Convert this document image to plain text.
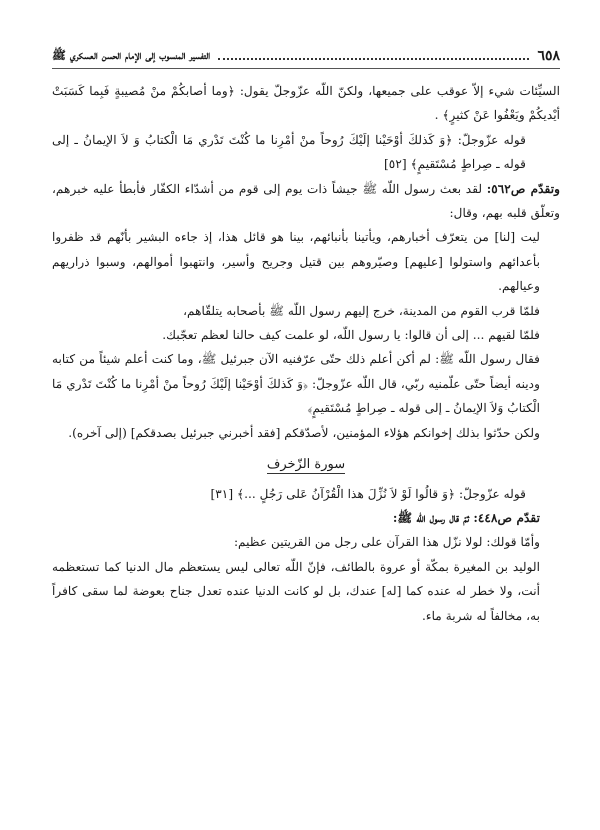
٦٥٨
التفسير المنسوب إلى الإمام الحسن العسكري ﷺ

السيِّئات شيء إلاّ عوقب على جميعها، ولكنّ اللّه عزّوجلّ يقول: ﴿وما أصابكُمْ منْ مُصيبةٍ فَبِما كَسَبَتْ أيْديكُمْ ويَعْفُوا عَنْ كثيرٍ﴾ .

قوله عزّوجلّ: ﴿وَ كَذلكَ أوْحَيْنا إلَيْكَ رُوحاً منْ أمْرِنا ما كُنْتَ تَدْري مَا الْكتابُ وَ لاَ الإيمانُ ـ إلى قوله ـ صِراطٍ مُسْتَقيمٍ﴾ [٥٢]

وتقدّم ص٥٦٢: لقد بعث رسول اللّه ﷺ جيشاً ذات يوم إلى قوم من أشدّاء الكفّار فأبطأ عليه خبرهم، وتعلّق قلبه بهم، وقال:

ليت [لنا] من يتعرّف أخبارهم، ويأتينا بأنبائهم، بينا هو قائل هذا، إذ جاءه البشير بأنّهم قد ظفروا بأعدائهم واستولوا [عليهم] وصيّروهم بين قتيل وجريح وأسير، وانتهبوا أموالهم، وسبوا ذراريهم وعيالهم.

فلمّا قرب القوم من المدينة، خرج إليهم رسول اللّه ﷺ بأصحابه يتلقّاهم،

فلمّا لقيهم ... إلى أن قالوا: يا رسول اللّه، لو علمت كيف حالنا لعظم تعجّبك.

فقال رسول اللّه ﷺ: لم أكن أعلم ذلك حتّى عرّفنيه الآن جبرئيل ﷺ، وما كنت أعلم شيئاً من كتابه ودينه أيضاً حتّى علّمنيه ربّي، قال اللّه عزّوجلّ: ﴿وَ كَذلكَ أوْحَيْنا إلَيْكَ رُوحاً منْ أمْرِنا ما كُنْتَ تَدْري مَا الْكتابُ وَلاَ الإيمانُ ـ إلى قوله ـ صِراطٍ مُسْتَقيمٍ﴾

ولكن حدّثوا بذلك إخوانكم هؤلاء المؤمنين، لأصدّقكم [فقد أخبرني جبرئيل بصدقكم] (إلى آخره).

سورة الزّخرف

قوله عزّوجلّ: ﴿وَ قالُوا لَوْ لاَ نُزِّلَ هذا الْقُرْآنُ عَلى رَجُلٍ ...﴾ [٣١]

تقدّم ص٤٤٨: ثمّ قال رسول اللّه ﷺ:

وأمّا قولك: لولا نزّل هذا القرآن على رجل من القريتين عظيم:

الوليد بن المغيرة بمكّة أو عروة بالطائف، فإنّ اللّه تعالى ليس يستعظم مال الدنيا كما تستعظمه أنت، ولا خطر له عنده كما [له] عندك، بل لو كانت الدنيا عنده تعدل جناح بعوضة لما سقى كافراً به، مخالفاً له شربة ماء.
